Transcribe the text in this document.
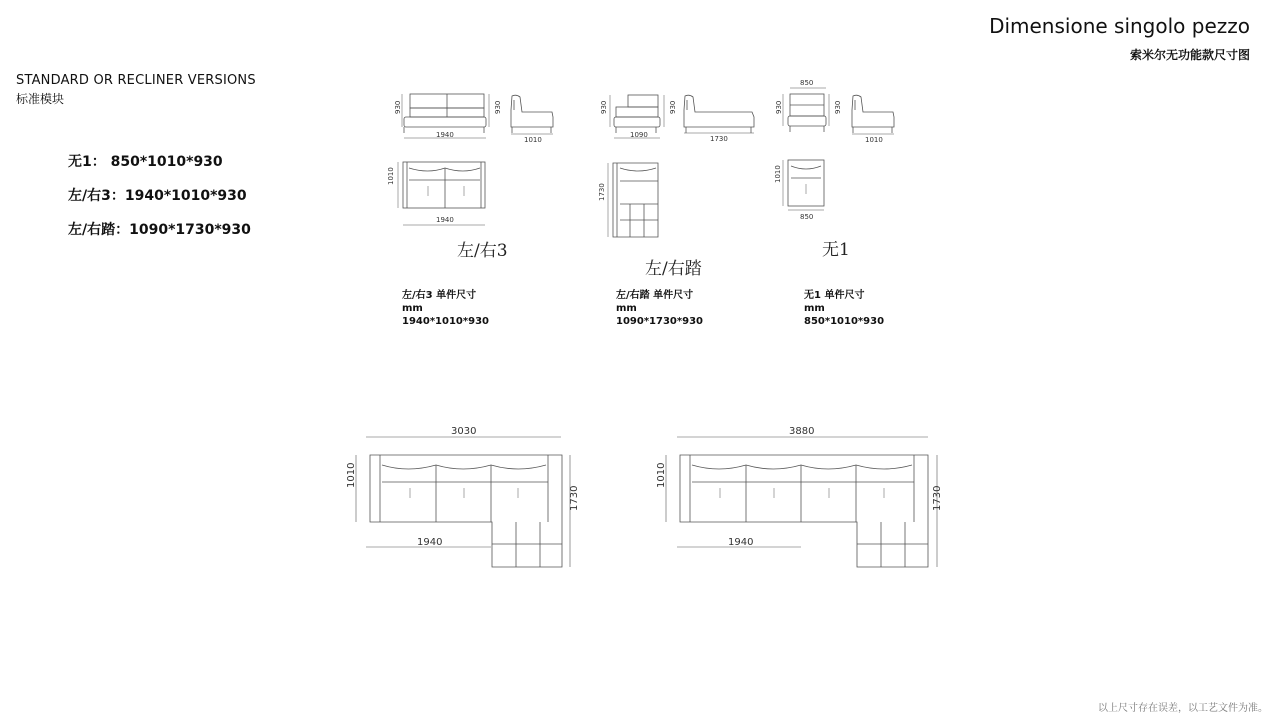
Dimensione singolo pezzo
索米尔无功能款尺寸图
STANDARD OR RECLINER VERSIONS
标准模块
无1： 850*1010*930
左/右3：1940*1010*930
左/右踏：1090*1730*930
左/右3
左/右踏
无1
左/右3 单件尺寸
mm
1940*1010*930
左/右踏 单件尺寸
mm
1090*1730*930
无1 单件尺寸
mm
850*1010*930
930
1940
930
1010
1010
1940
930
1090
930
1730
1730
850
930	930
1010
1010
850
3030
1010
1730
1940
3880
1010
1730
1940
以上尺寸存在误差，以工艺文件为准。
